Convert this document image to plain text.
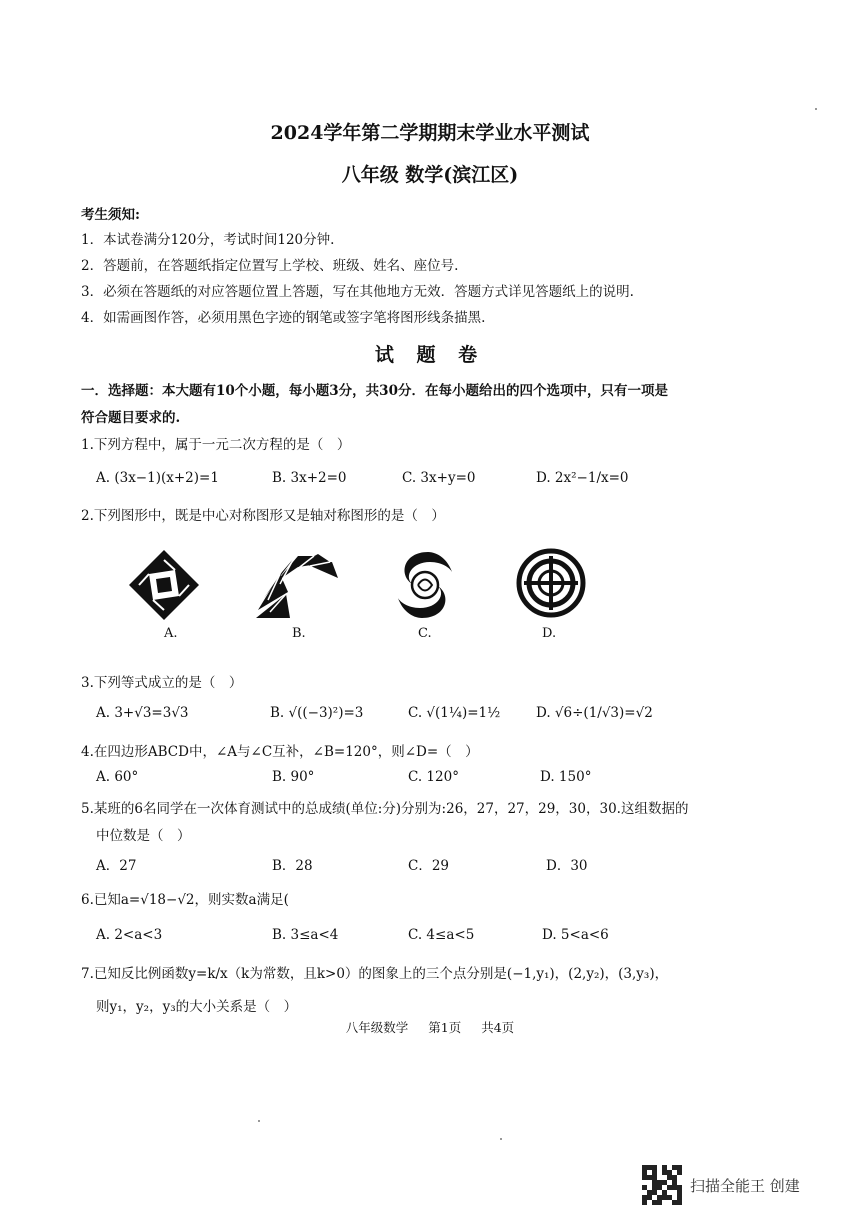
2024学年第二学期期末学业水平测试
八年级 数学(滨江区)
考生须知:
1．本试卷满分120分，考试时间120分钟.
2．答题前，在答题纸指定位置写上学校、班级、姓名、座位号.
3．必须在答题纸的对应答题位置上答题，写在其他地方无效．答题方式详见答题纸上的说明.
4．如需画图作答，必须用黑色字迹的钢笔或签字笔将图形线条描黑.
试 题 卷
一．选择题：本大题有10个小题，每小题3分，共30分．在每小题给出的四个选项中，只有一项是
符合题目要求的.
1.下列方程中，属于一元二次方程的是（　）
A. (3x−1)(x+2)=1	B. 3x+2=0	C. 3x+y=0	D. 2x²−1/x=0
2.下列图形中，既是中心对称图形又是轴对称图形的是（　）
A.	B.	C.	D.
3.下列等式成立的是（　）
A. 3+√3=3√3	B. √((−3)²)=3	C. √(1¼)=1½	D. √6÷(1/√3)=√2
4.在四边形ABCD中，∠A与∠C互补，∠B=120°，则∠D=（　）
A. 60°	B. 90°	C. 120°	D. 150°
5.某班的6名同学在一次体育测试中的总成绩(单位:分)分别为:26，27，27，29，30，30.这组数据的
中位数是（　）
A．27	B．28	C．29	D．30
6.已知a=√18−√2，则实数a满足(
A. 2<a<3	B. 3≤a<4	C. 4≤a<5	D. 5<a<6
7.已知反比例函数y=k/x（k为常数，且k>0）的图象上的三个点分别是(−1,y₁)，(2,y₂)，(3,y₃)，
则y₁，y₂，y₃的大小关系是（　）
八年级数学 第1页 共4页
扫描全能王 创建
